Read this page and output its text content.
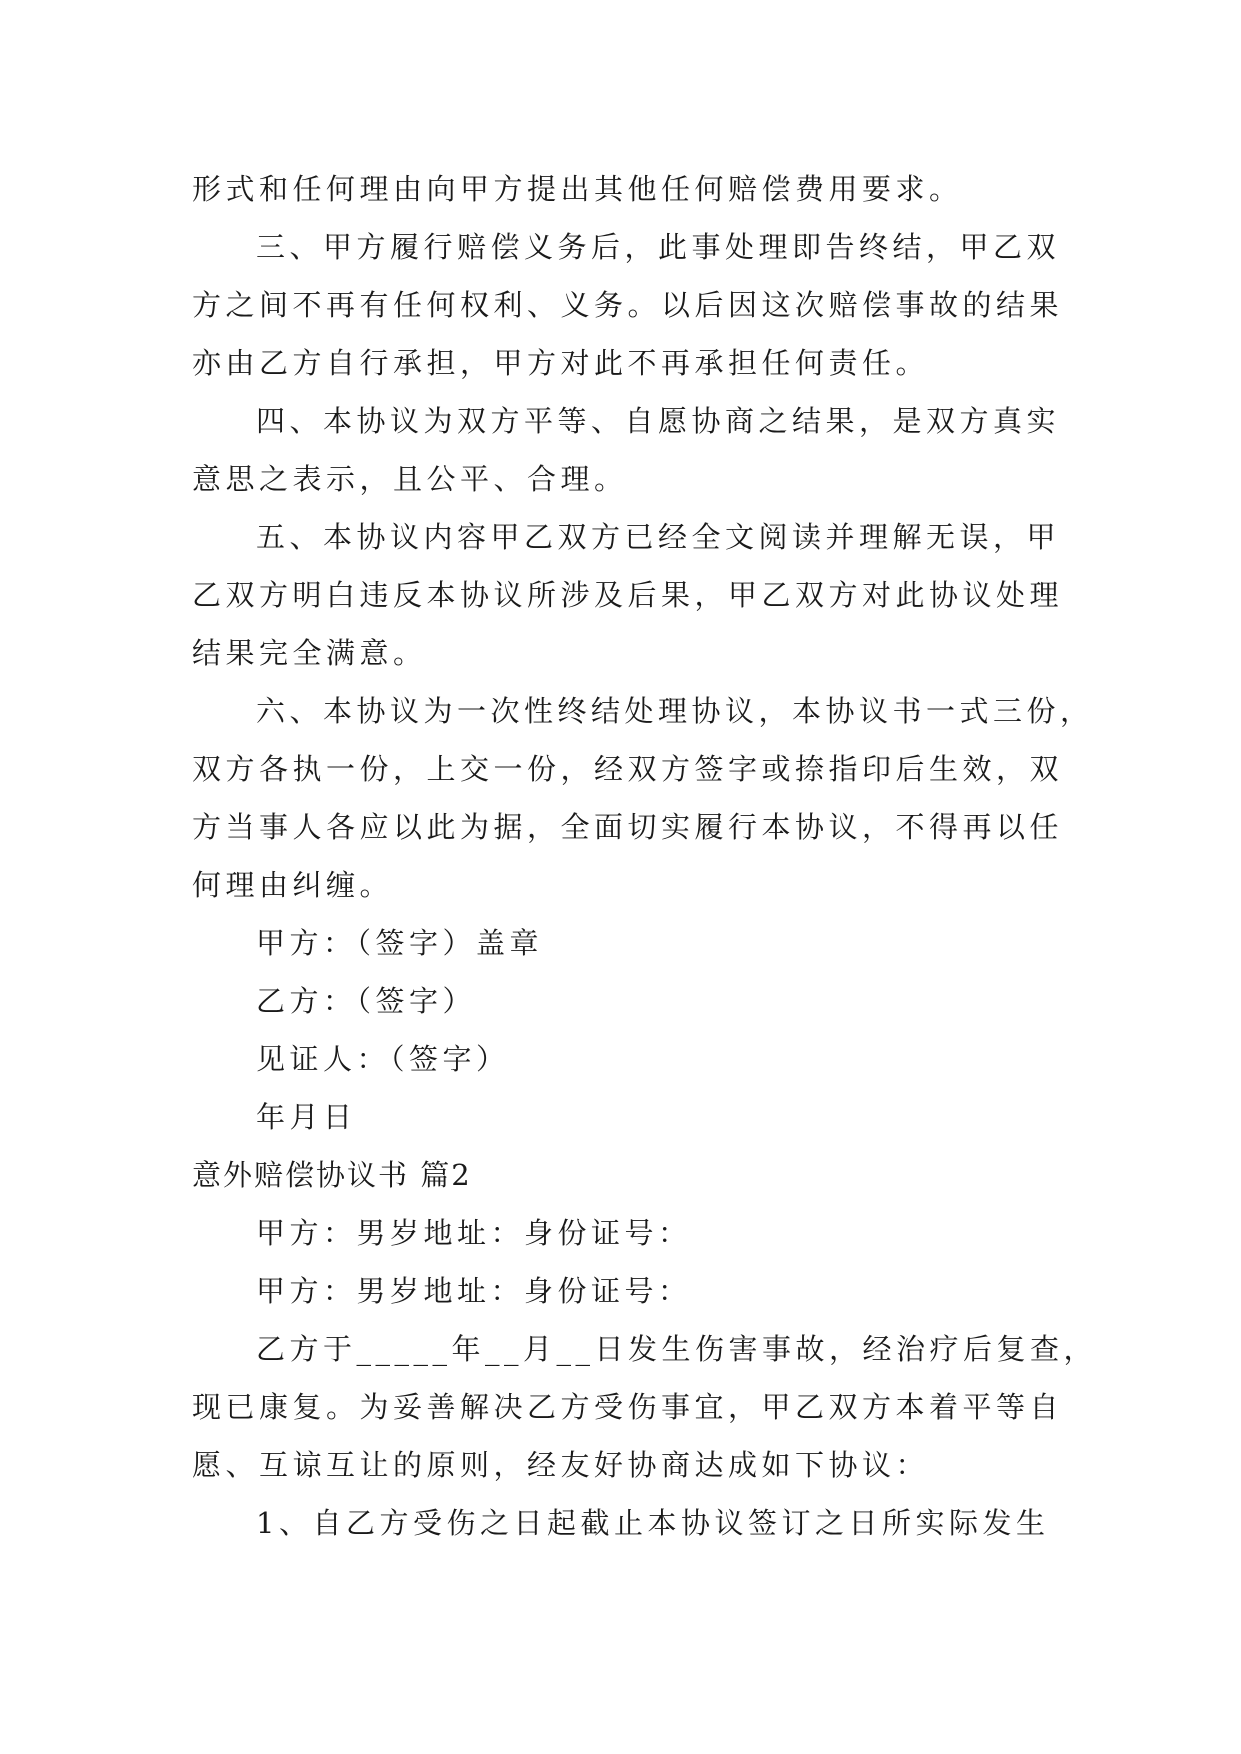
形式和任何理由向甲方提出其他任何赔偿费用要求。
三、甲方履行赔偿义务后，此事处理即告终结，甲乙双
方之间不再有任何权利、义务。以后因这次赔偿事故的结果
亦由乙方自行承担，甲方对此不再承担任何责任。
四、本协议为双方平等、自愿协商之结果，是双方真实
意思之表示，且公平、合理。
五、本协议内容甲乙双方已经全文阅读并理解无误，甲
乙双方明白违反本协议所涉及后果，甲乙双方对此协议处理
结果完全满意。
六、本协议为一次性终结处理协议，本协议书一式三份，
双方各执一份，上交一份，经双方签字或捺指印后生效，双
方当事人各应以此为据，全面切实履行本协议，不得再以任
何理由纠缠。
甲方：（签字）盖章
乙方：（签字）
见证人：（签字）
年月日
意外赔偿协议书 篇2
甲方：男岁地址：身份证号：
甲方：男岁地址：身份证号：
乙方于_____年__月__日发生伤害事故，经治疗后复查，
现已康复。为妥善解决乙方受伤事宜，甲乙双方本着平等自
愿、互谅互让的原则，经友好协商达成如下协议：
1、自乙方受伤之日起截止本协议签订之日所实际发生
